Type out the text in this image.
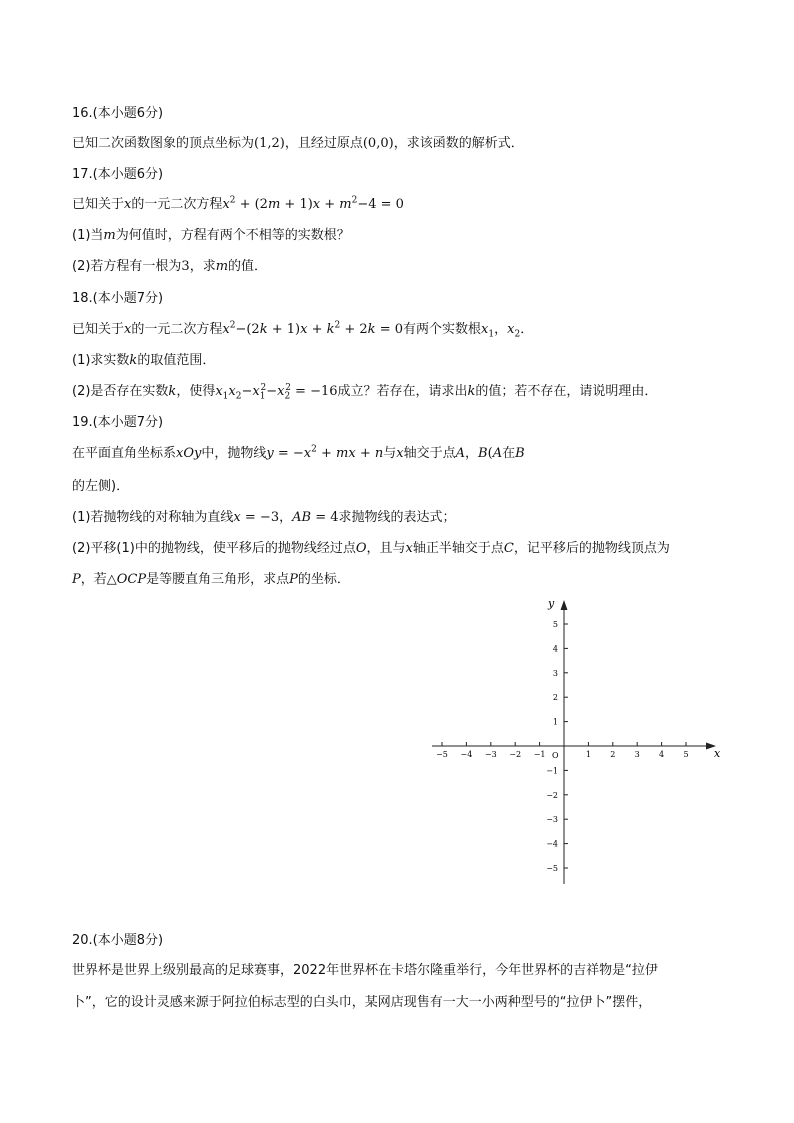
16.(本小题6分)
已知二次函数图象的顶点坐标为(1,2)，且经过原点(0,0)，求该函数的解析式．
17.(本小题6分)
已知关于x的一元二次方程$x^2 + (2m + 1)x + m^2-4 = 0$
(1)当m为何值时，方程有两个不相等的实数根？
(2)若方程有一根为3，求m的值．
18.(本小题7分)
已知关于x的一元二次方程$x^2-(2k + 1)x + k^2 + 2k = 0$有两个实数根$x_1$，$x_2$．
(1)求实数k的取值范围．
(2)是否存在实数k，使得$x_1x_2-x_1^2-x_2^2 = -16$成立？若存在，请求出k的值；若不存在，请说明理由．
19.(本小题7分)
在平面直角坐标系xOy中，抛物线$y = -x^2$ + mx + n与x轴交于点A，B(A在B
的左侧)．
(1)若抛物线的对称轴为直线x = −3，AB = 4求抛物线的表达式；
(2)平移(1)中的抛物线，使平移后的抛物线经过点O，且与x轴正半轴交于点C，记平移后的抛物线顶点为
P，若△OCP是等腰直角三角形，求点P的坐标．
−5 −4 −3 −2 −1	1 2 3 4 5
5
4
3
2
1
−1
−2
−3
−4
−5
x
y
O
20.(本小题8分)
世界杯是世界上级别最高的足球赛事，2022年世界杯在卡塔尔隆重举行，今年世界杯的吉祥物是“拉伊
卜”，它的设计灵感来源于阿拉伯标志型的白头巾，某网店现售有一大一小两种型号的“拉伊卜”摆件，
